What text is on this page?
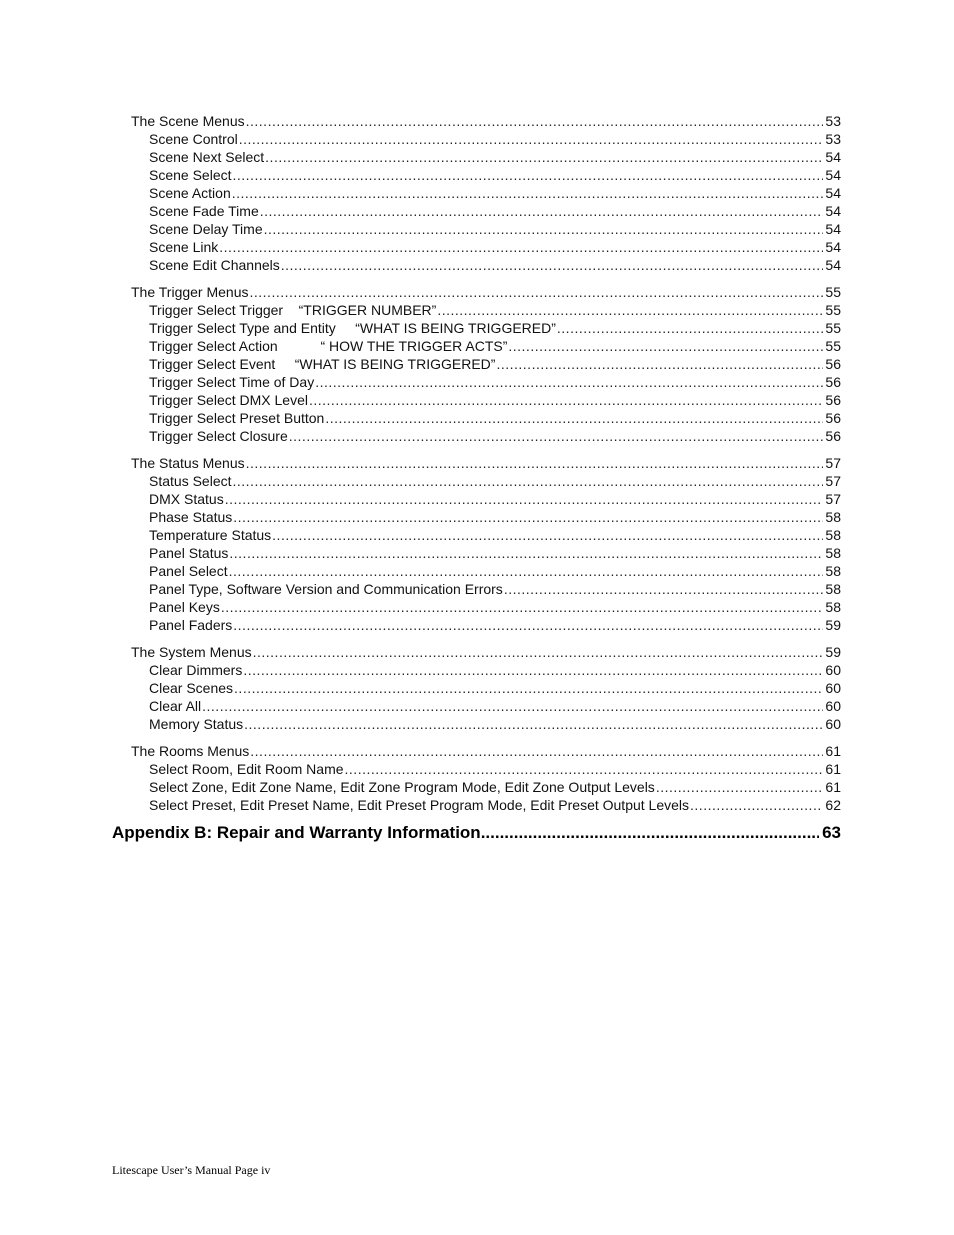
The Scene Menus .....	53
Scene Control .....	53
Scene Next Select .....	54
Scene Select .....	54
Scene Action .....	54
Scene Fade Time .....	54
Scene Delay Time .....	54
Scene Link .....	54
Scene Edit Channels .....	54
The Trigger Menus .....	55
Trigger Select Trigger    “TRIGGER NUMBER” .....	55
Trigger Select Type and Entity     “WHAT IS BEING TRIGGERED” .....	55
Trigger Select Action           “ HOW THE TRIGGER ACTS” .....	55
Trigger Select Event     “WHAT IS BEING TRIGGERED” .....	56
Trigger Select Time of Day .....	56
Trigger Select DMX Level .....	56
Trigger Select Preset Button .....	56
Trigger Select Closure .....	56
The Status Menus .....	57
Status Select .....	57
DMX Status .....	57
Phase Status .....	58
Temperature Status .....	58
Panel Status .....	58
Panel Select .....	58
Panel Type, Software Version and Communication Errors .....	58
Panel Keys .....	58
Panel Faders .....	59
The System Menus .....	59
Clear Dimmers .....	60
Clear Scenes .....	60
Clear All .....	60
Memory Status .....	60
The Rooms Menus .....	61
Select Room, Edit Room Name .....	61
Select Zone, Edit Zone Name, Edit Zone Program Mode, Edit Zone Output Levels .....	61
Select Preset, Edit Preset Name, Edit Preset Program Mode, Edit Preset Output Levels .....	62
Appendix B: Repair and Warranty Information .....	63
Litescape User’s Manual Page iv
